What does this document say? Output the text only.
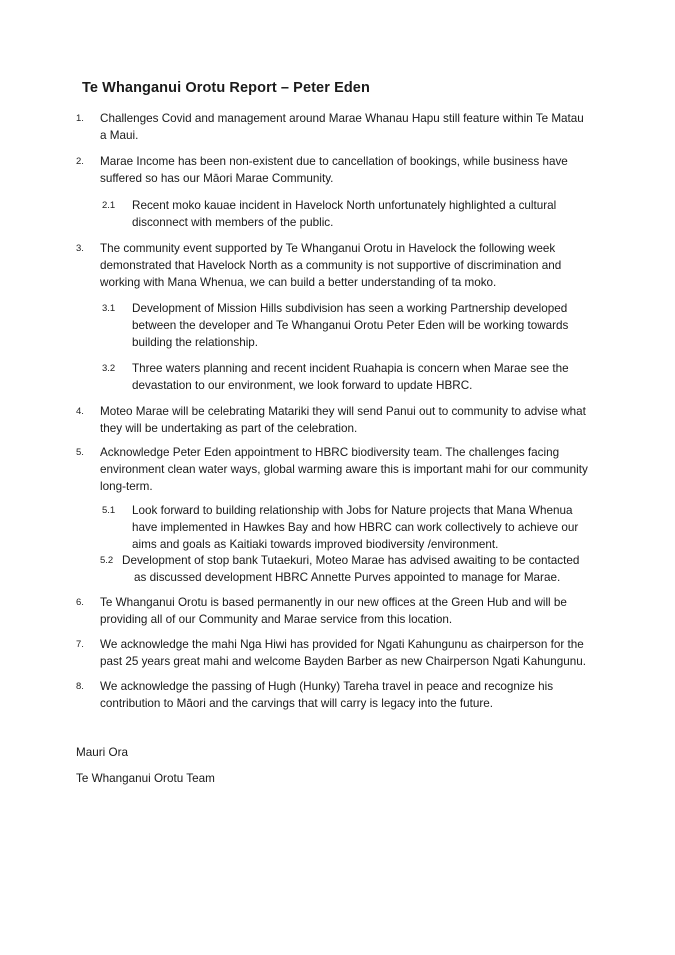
Te Whanganui Orotu Report – Peter Eden
1. Challenges Covid and management around Marae Whanau Hapu still feature within Te Matau a Maui.
2. Marae Income has been non-existent due to cancellation of bookings, while business have suffered so has our Māori Marae Community.
2.1 Recent moko kauae incident in Havelock North unfortunately highlighted a cultural disconnect with members of the public.
3. The community event supported by Te Whanganui Orotu in Havelock the following week demonstrated that Havelock North as a community is not supportive of discrimination and working with Mana Whenua, we can build a better understanding of ta moko.
3.1 Development of Mission Hills subdivision has seen a working Partnership developed between the developer and Te Whanganui Orotu Peter Eden will be working towards building the relationship.
3.2 Three waters planning and recent incident Ruahapia is concern when Marae see the devastation to our environment, we look forward to update HBRC.
4. Moteo Marae will be celebrating Matariki they will send Panui out to community to advise what they will be undertaking as part of the celebration.
5. Acknowledge Peter Eden appointment to HBRC biodiversity team. The challenges facing environment clean water ways, global warming aware this is important mahi for our community long-term.
5.1 Look forward to building relationship with Jobs for Nature projects that Mana Whenua have implemented in Hawkes Bay and how HBRC can work collectively to achieve our aims and goals as Kaitiaki towards improved biodiversity /environment.
5.2 Development of stop bank Tutaekuri, Moteo Marae has advised awaiting to be contacted as discussed development HBRC Annette Purves appointed to manage for Marae.
6. Te Whanganui Orotu is based permanently in our new offices at the Green Hub and will be providing all of our Community and Marae service from this location.
7. We acknowledge the mahi Nga Hiwi has provided for Ngati Kahungunu as chairperson for the past 25 years great mahi and welcome Bayden Barber as new Chairperson Ngati Kahungunu.
8. We acknowledge the passing of Hugh (Hunky) Tareha travel in peace and recognize his contribution to Māori and the carvings that will carry is legacy into the future.
Mauri Ora
Te Whanganui Orotu Team
